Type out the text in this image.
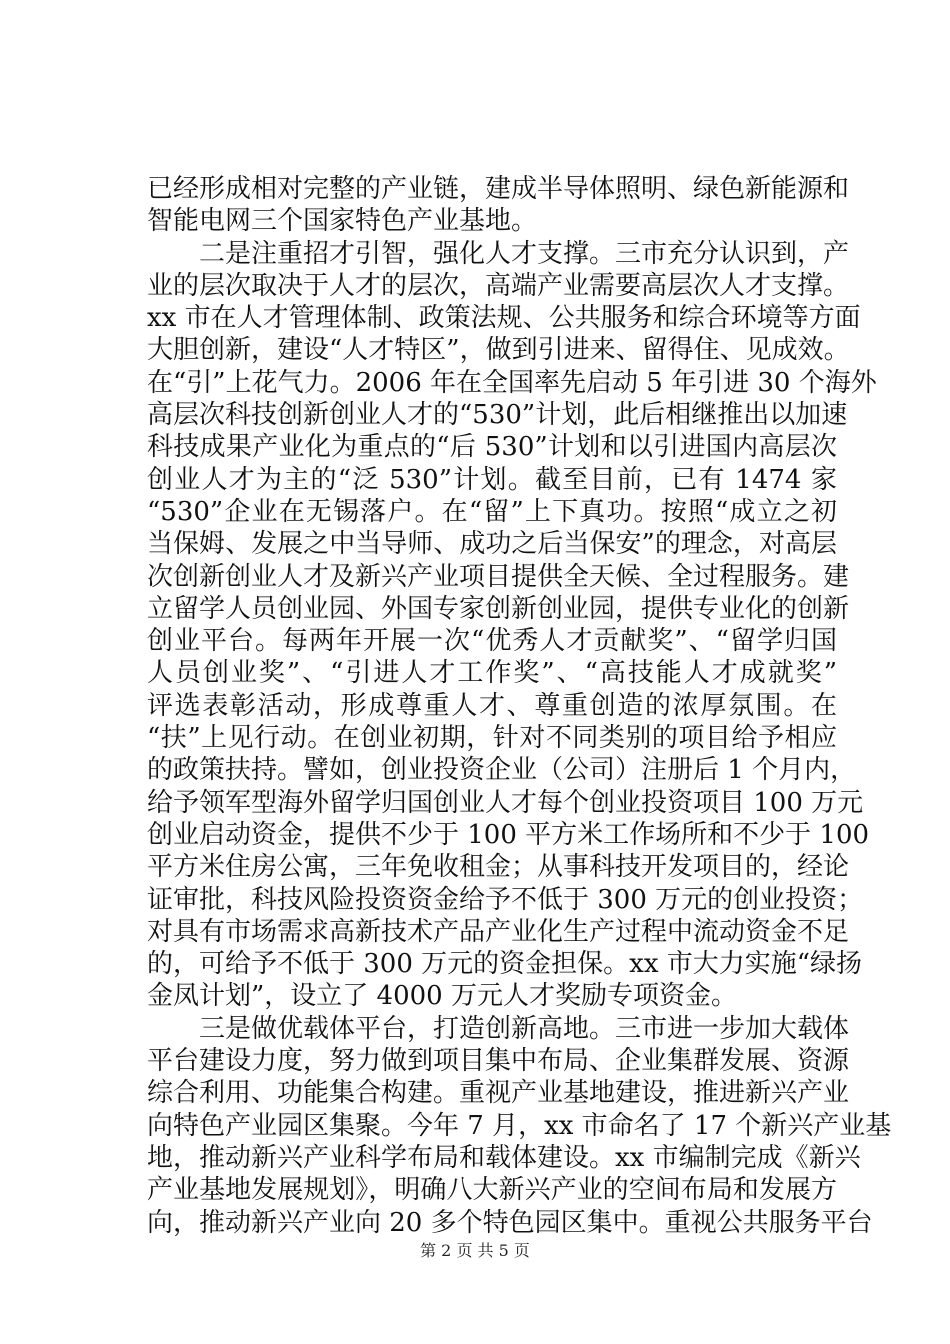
已经形成相对完整的产业链，建成半导体照明、绿色新能源和
智能电网三个国家特色产业基地。
　　二是注重招才引智，强化人才支撑。三市充分认识到，产
业的层次取决于人才的层次，高端产业需要高层次人才支撑。
xx 市在人才管理体制、政策法规、公共服务和综合环境等方面
大胆创新，建设“人才特区”，做到引进来、留得住、见成效。
在“引”上花气力。2006 年在全国率先启动 5 年引进 30 个海外
高层次科技创新创业人才的“530”计划，此后相继推出以加速
科技成果产业化为重点的“后 530”计划和以引进国内高层次
创业人才为主的“泛 530”计划。截至目前，已有 1474 家
“530”企业在无锡落户。在“留”上下真功。按照“成立之初
当保姆、发展之中当导师、成功之后当保安”的理念，对高层
次创新创业人才及新兴产业项目提供全天候、全过程服务。建
立留学人员创业园、外国专家创新创业园，提供专业化的创新
创业平台。每两年开展一次“优秀人才贡献奖”、“留学归国
人员创业奖”、“引进人才工作奖”、“高技能人才成就奖”
评选表彰活动，形成尊重人才、尊重创造的浓厚氛围。在
“扶”上见行动。在创业初期，针对不同类别的项目给予相应
的政策扶持。譬如，创业投资企业（公司）注册后 1 个月内，
给予领军型海外留学归国创业人才每个创业投资项目 100 万元
创业启动资金，提供不少于 100 平方米工作场所和不少于 100
平方米住房公寓，三年免收租金；从事科技开发项目的，经论
证审批，科技风险投资资金给予不低于 300 万元的创业投资；
对具有市场需求高新技术产品产业化生产过程中流动资金不足
的，可给予不低于 300 万元的资金担保。xx 市大力实施“绿扬
金凤计划”，设立了 4000 万元人才奖励专项资金。
　　三是做优载体平台，打造创新高地。三市进一步加大载体
平台建设力度，努力做到项目集中布局、企业集群发展、资源
综合利用、功能集合构建。重视产业基地建设，推进新兴产业
向特色产业园区集聚。今年 7 月，xx 市命名了 17 个新兴产业基
地，推动新兴产业科学布局和载体建设。xx 市编制完成《新兴
产业基地发展规划》，明确八大新兴产业的空间布局和发展方
向，推动新兴产业向 20 多个特色园区集中。重视公共服务平台
第 2 页 共 5 页
